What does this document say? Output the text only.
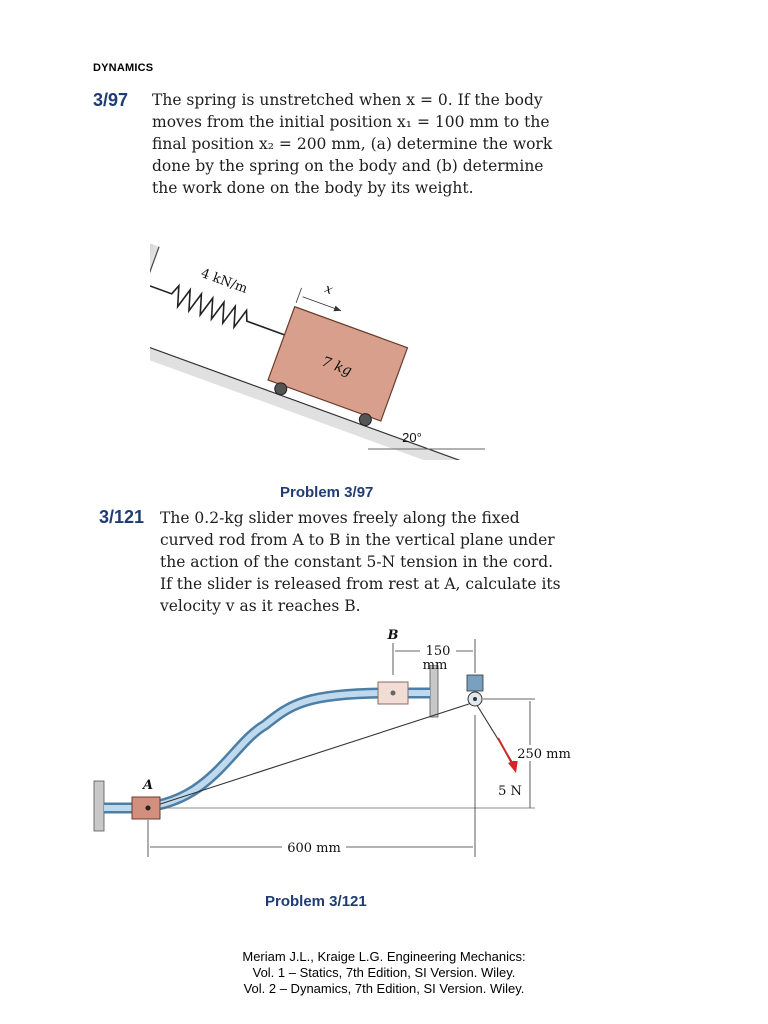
DYNAMICS
3/97 The spring is unstretched when x = 0. If the body
moves from the initial position x₁ = 100 mm to the
final position x₂ = 200 mm, (a) determine the work
done by the spring on the body and (b) determine
the work done on the body by its weight.
7 kg
4 kN/m	x
20°
Problem 3/97
3/121 The 0.2-kg slider moves freely along the fixed
curved rod from A to B in the vertical plane under
the action of the constant 5-N tension in the cord.
If the slider is released from rest at A, calculate its
velocity v as it reaches B.
A
B
150
mm
250 mm
5 N
600 mm
Problem 3/121
Meriam J.L., Kraige L.G. Engineering Mechanics:
Vol. 1 – Statics, 7th Edition, SI Version. Wiley.
Vol. 2 – Dynamics, 7th Edition, SI Version. Wiley.
